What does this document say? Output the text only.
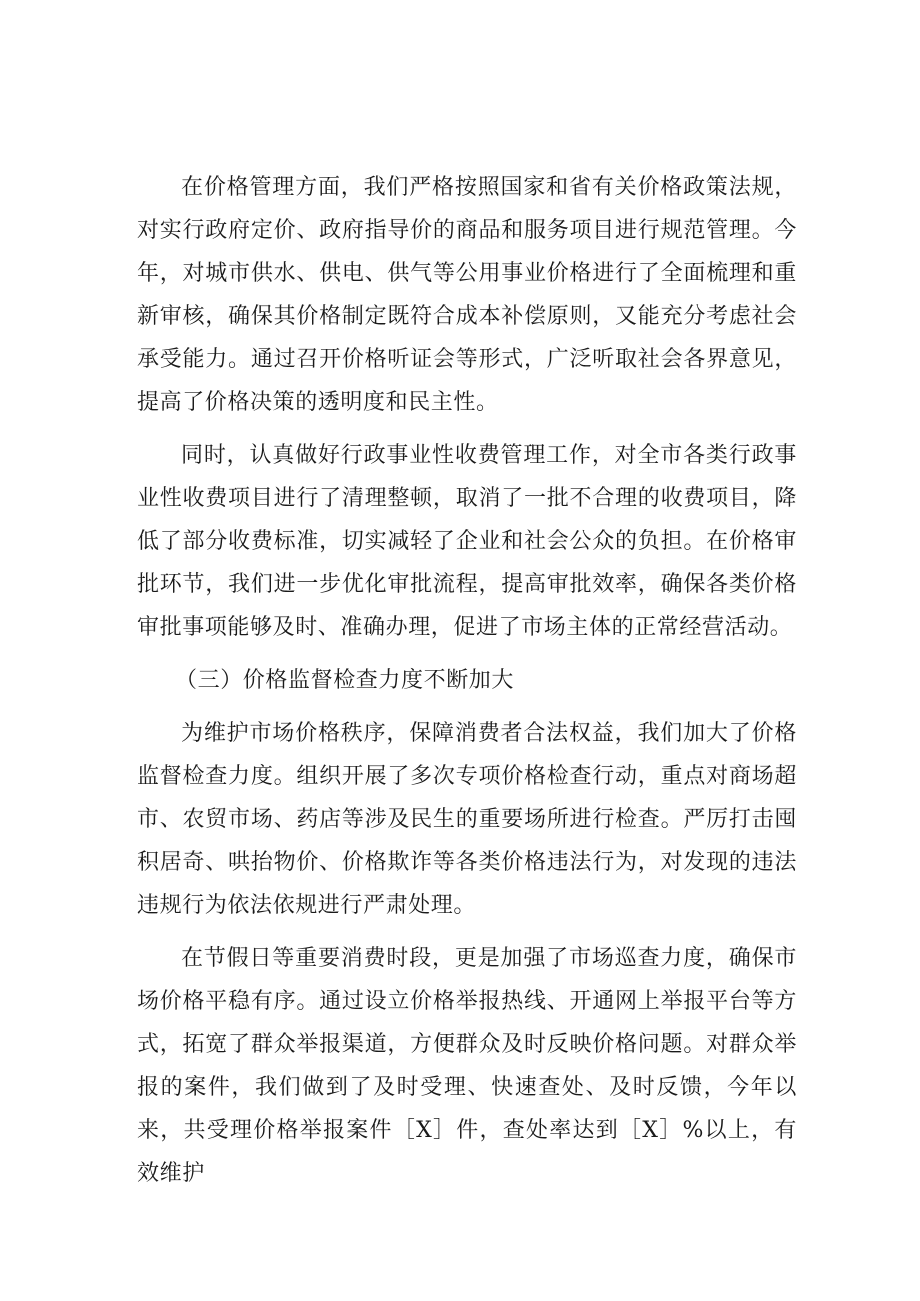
在价格管理方面，我们严格按照国家和省有关价格政策法规，对实行政府定价、政府指导价的商品和服务项目进行规范管理。今年，对城市供水、供电、供气等公用事业价格进行了全面梳理和重新审核，确保其价格制定既符合成本补偿原则，又能充分考虑社会承受能力。通过召开价格听证会等形式，广泛听取社会各界意见，提高了价格决策的透明度和民主性。

同时，认真做好行政事业性收费管理工作，对全市各类行政事业性收费项目进行了清理整顿，取消了一批不合理的收费项目，降低了部分收费标准，切实减轻了企业和社会公众的负担。在价格审批环节，我们进一步优化审批流程，提高审批效率，确保各类价格审批事项能够及时、准确办理，促进了市场主体的正常经营活动。

（三）价格监督检查力度不断加大

为维护市场价格秩序，保障消费者合法权益，我们加大了价格监督检查力度。组织开展了多次专项价格检查行动，重点对商场超市、农贸市场、药店等涉及民生的重要场所进行检查。严厉打击囤积居奇、哄抬物价、价格欺诈等各类价格违法行为，对发现的违法违规行为依法依规进行严肃处理。

在节假日等重要消费时段，更是加强了市场巡查力度，确保市场价格平稳有序。通过设立价格举报热线、开通网上举报平台等方式，拓宽了群众举报渠道，方便群众及时反映价格问题。对群众举报的案件，我们做到了及时受理、快速查处、及时反馈，今年以来，共受理价格举报案件［X］件，查处率达到［X］%以上，有效维护
